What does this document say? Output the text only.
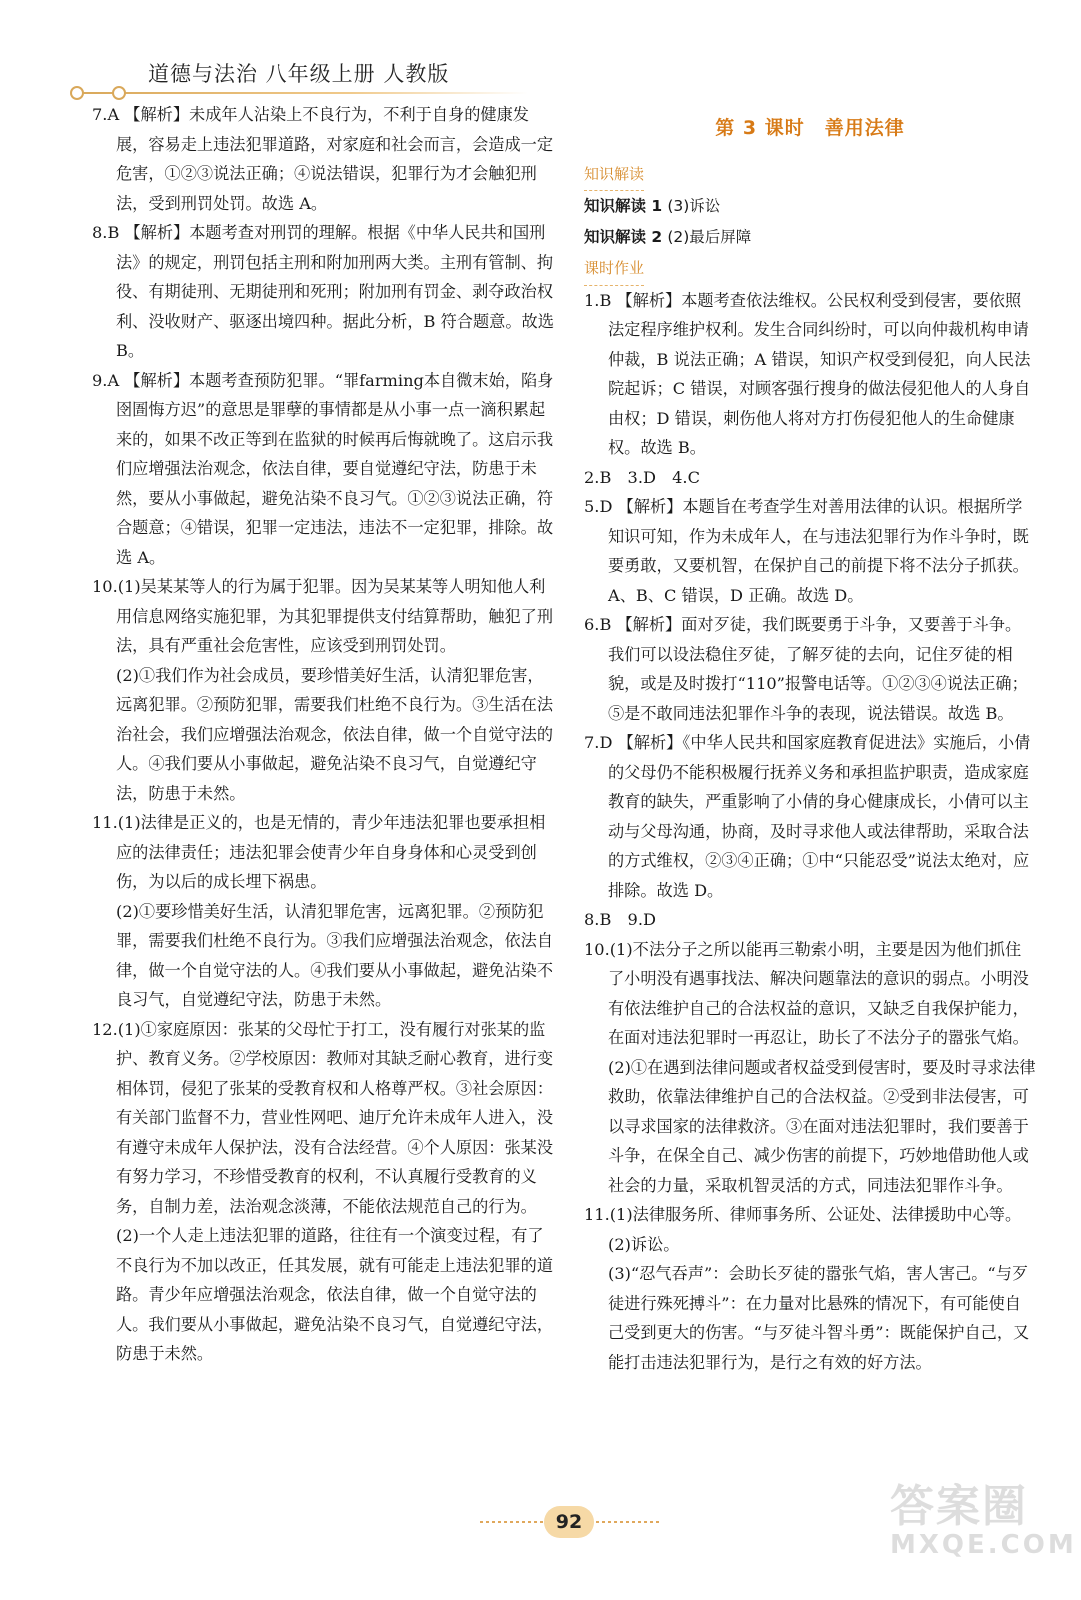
道德与法治 八年级上册 人教版
7.A 【解析】未成年人沾染上不良行为，不利于自身的健康发展，容易走上违法犯罪道路，对家庭和社会而言，会造成一定危害，①②③说法正确；④说法错误，犯罪行为才会触犯刑法，受到刑罚处罚。故选 A。
8.B 【解析】本题考查对刑罚的理解。根据《中华人民共和国刑法》的规定，刑罚包括主刑和附加刑两大类。主刑有管制、拘役、有期徒刑、无期徒刑和死刑；附加刑有罚金、剥夺政治权利、没收财产、驱逐出境四种。据此分析，B 符合题意。故选 B。
9.A 【解析】本题考查预防犯罪。“罪farming本自微末始，陷身囹圄悔方迟”的意思是罪孽的事情都是从小事一点一滴积累起来的，如果不改正等到在监狱的时候再后悔就晚了。这启示我们应增强法治观念，依法自律，要自觉遵纪守法，防患于未然，要从小事做起，避免沾染不良习气。①②③说法正确，符合题意；④错误，犯罪一定违法，违法不一定犯罪，排除。故选 A。
10.(1)吴某某等人的行为属于犯罪。因为吴某某等人明知他人利用信息网络实施犯罪，为其犯罪提供支付结算帮助，触犯了刑法，具有严重社会危害性，应该受到刑罚处罚。
(2)①我们作为社会成员，要珍惜美好生活，认清犯罪危害，远离犯罪。②预防犯罪，需要我们杜绝不良行为。③生活在法治社会，我们应增强法治观念，依法自律，做一个自觉守法的人。④我们要从小事做起，避免沾染不良习气，自觉遵纪守法，防患于未然。
11.(1)法律是正义的，也是无情的，青少年违法犯罪也要承担相应的法律责任；违法犯罪会使青少年自身身体和心灵受到创伤，为以后的成长埋下祸患。
(2)①要珍惜美好生活，认清犯罪危害，远离犯罪。②预防犯罪，需要我们杜绝不良行为。③我们应增强法治观念，依法自律，做一个自觉守法的人。④我们要从小事做起，避免沾染不良习气，自觉遵纪守法，防患于未然。
12.(1)①家庭原因：张某的父母忙于打工，没有履行对张某的监护、教育义务。②学校原因：教师对其缺乏耐心教育，进行变相体罚，侵犯了张某的受教育权和人格尊严权。③社会原因：有关部门监督不力，营业性网吧、迪厅允许未成年人进入，没有遵守未成年人保护法，没有合法经营。④个人原因：张某没有努力学习，不珍惜受教育的权利，不认真履行受教育的义务，自制力差，法治观念淡薄，不能依法规范自己的行为。
(2)一个人走上违法犯罪的道路，往往有一个演变过程，有了不良行为不加以改正，任其发展，就有可能走上违法犯罪的道路。青少年应增强法治观念，依法自律，做一个自觉守法的人。我们要从小事做起，避免沾染不良习气，自觉遵纪守法，防患于未然。
第 3 课时　善用法律
知识解读
知识解读 1 (3)诉讼
知识解读 2 (2)最后屏障
课时作业
1.B 【解析】本题考查依法维权。公民权利受到侵害，要依照法定程序维护权利。发生合同纠纷时，可以向仲裁机构申请仲裁，B 说法正确；A 错误，知识产权受到侵犯，向人民法院起诉；C 错误，对顾客强行搜身的做法侵犯他人的人身自由权；D 错误，刺伤他人将对方打伤侵犯他人的生命健康权。故选 B。
2.B　3.D　4.C
5.D 【解析】本题旨在考查学生对善用法律的认识。根据所学知识可知，作为未成年人，在与违法犯罪行为作斗争时，既要勇敢，又要机智，在保护自己的前提下将不法分子抓获。A、B、C 错误，D 正确。故选 D。
6.B 【解析】面对歹徒，我们既要勇于斗争，又要善于斗争。我们可以设法稳住歹徒，了解歹徒的去向，记住歹徒的相貌，或是及时拨打“110”报警电话等。①②③④说法正确；⑤是不敢同违法犯罪作斗争的表现，说法错误。故选 B。
7.D 【解析】《中华人民共和国家庭教育促进法》实施后，小倩的父母仍不能积极履行抚养义务和承担监护职责，造成家庭教育的缺失，严重影响了小倩的身心健康成长，小倩可以主动与父母沟通，协商，及时寻求他人或法律帮助，采取合法的方式维权，②③④正确；①中“只能忍受”说法太绝对，应排除。故选 D。
8.B　9.D
10.(1)不法分子之所以能再三勒索小明，主要是因为他们抓住了小明没有遇事找法、解决问题靠法的意识的弱点。小明没有依法维护自己的合法权益的意识，又缺乏自我保护能力，在面对违法犯罪时一再忍让，助长了不法分子的嚣张气焰。
(2)①在遇到法律问题或者权益受到侵害时，要及时寻求法律救助，依靠法律维护自己的合法权益。②受到非法侵害，可以寻求国家的法律救济。③在面对违法犯罪时，我们要善于斗争，在保全自己、减少伤害的前提下，巧妙地借助他人或社会的力量，采取机智灵活的方式，同违法犯罪作斗争。
11.(1)法律服务所、律师事务所、公证处、法律援助中心等。
(2)诉讼。
(3)“忍气吞声”：会助长歹徒的嚣张气焰，害人害己。“与歹徒进行殊死搏斗”：在力量对比悬殊的情况下，有可能使自己受到更大的伤害。“与歹徒斗智斗勇”：既能保护自己，又能打击违法犯罪行为，是行之有效的好方法。
92	答案圈
MXQE.COM
